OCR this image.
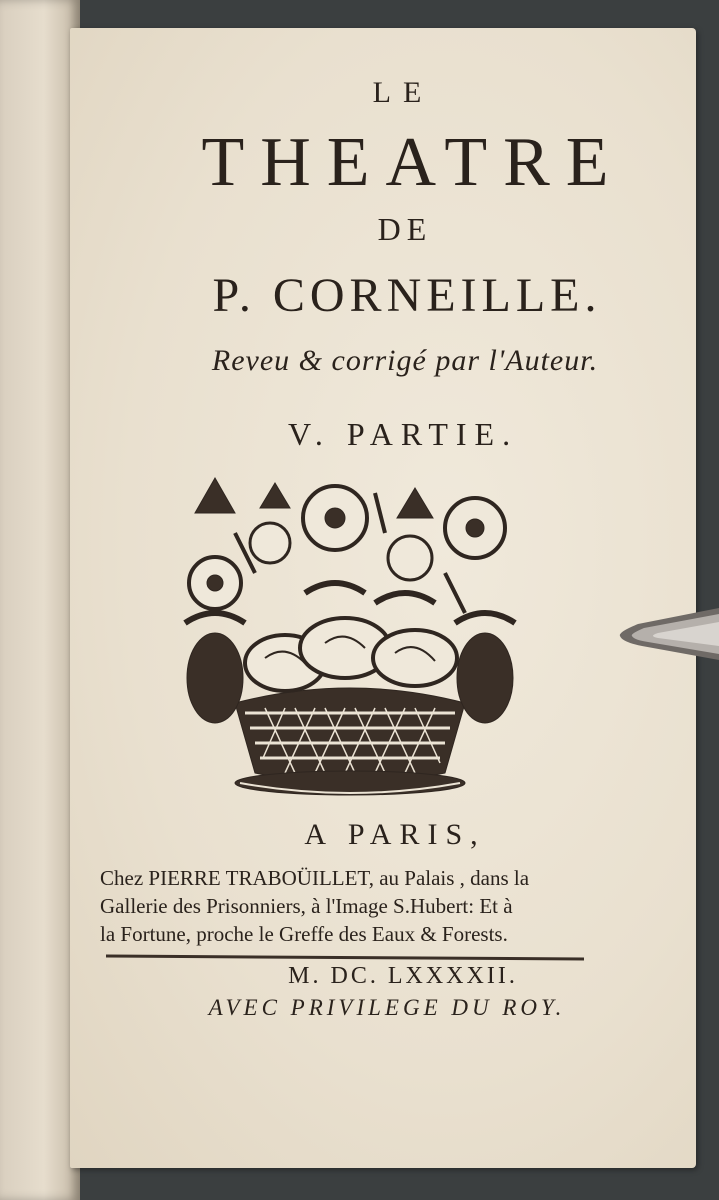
LE
THEATRE
DE
P. CORNEILLE.
Reveu & corrigé par l'Auteur.
V. PARTIE.
A PARIS,
Chez PIERRE TRABOÜILLET, au Palais , dans la
Gallerie des Prisonniers, à l'Image S.Hubert: Et à
la Fortune, proche le Greffe des Eaux & Forests.
M. DC. LXXXXII.
AVEC PRIVILEGE DU ROY.
